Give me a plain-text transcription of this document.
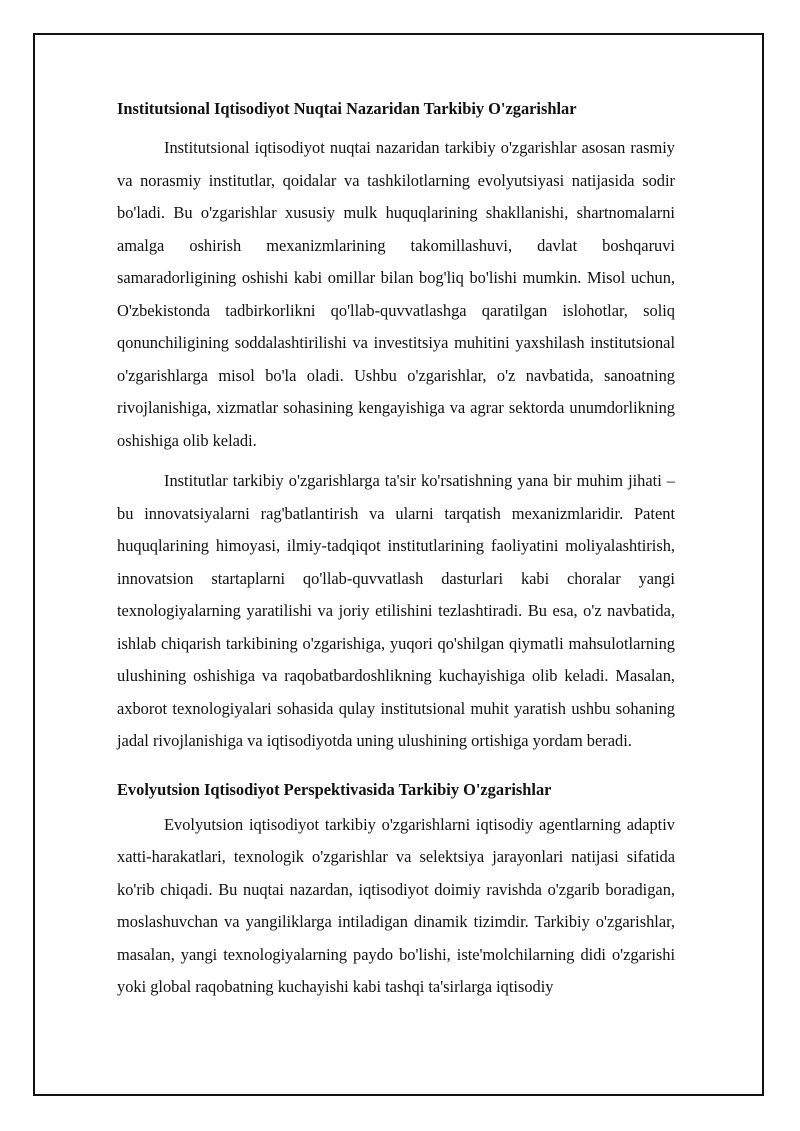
Institutsional Iqtisodiyot Nuqtai Nazaridan Tarkibiy O'zgarishlar

Institutsional iqtisodiyot nuqtai nazaridan tarkibiy o'zgarishlar asosan rasmiy va norasmiy institutlar, qoidalar va tashkilotlarning evolyutsiyasi natijasida sodir bo'ladi. Bu o'zgarishlar xususiy mulk huquqlarining shakllanishi, shartnomalarni amalga oshirish mexanizmlarining takomillashuvi, davlat boshqaruvi samaradorligining oshishi kabi omillar bilan bog'liq bo'lishi mumkin. Misol uchun, O'zbekistonda tadbirkorlikni qo'llab-quvvatlashga qaratilgan islohotlar, soliq qonunchiligining soddalashtirilishi va investitsiya muhitini yaxshilash institutsional o'zgarishlarga misol bo'la oladi. Ushbu o'zgarishlar, o'z navbatida, sanoatning rivojlanishiga, xizmatlar sohasining kengayishiga va agrar sektorda unumdorlikning oshishiga olib keladi.

Institutlar tarkibiy o'zgarishlarga ta'sir ko'rsatishning yana bir muhim jihati – bu innovatsiyalarni rag'batlantirish va ularni tarqatish mexanizmlaridir. Patent huquqlarining himoyasi, ilmiy-tadqiqot institutlarining faoliyatini moliyalashtirish, innovatsion startaplarni qo'llab-quvvatlash dasturlari kabi choralar yangi texnologiyalarning yaratilishi va joriy etilishini tezlashtiradi. Bu esa, o'z navbatida, ishlab chiqarish tarkibining o'zgarishiga, yuqori qo'shilgan qiymatli mahsulotlarning ulushining oshishiga va raqobatbardoshlikning kuchayishiga olib keladi. Masalan, axborot texnologiyalari sohasida qulay institutsional muhit yaratish ushbu sohaning jadal rivojlanishiga va iqtisodiyotda uning ulushining ortishiga yordam beradi.

Evolyutsion Iqtisodiyot Perspektivasida Tarkibiy O'zgarishlar

Evolyutsion iqtisodiyot tarkibiy o'zgarishlarni iqtisodiy agentlarning adaptiv xatti-harakatlari, texnologik o'zgarishlar va selektsiya jarayonlari natijasi sifatida ko'rib chiqadi. Bu nuqtai nazardan, iqtisodiyot doimiy ravishda o'zgarib boradigan, moslashuvchan va yangiliklarga intiladigan dinamik tizimdir. Tarkibiy o'zgarishlar, masalan, yangi texnologiyalarning paydo bo'lishi, iste'molchilarning didi o'zgarishi yoki global raqobatning kuchayishi kabi tashqi ta'sirlarga iqtisodiy
